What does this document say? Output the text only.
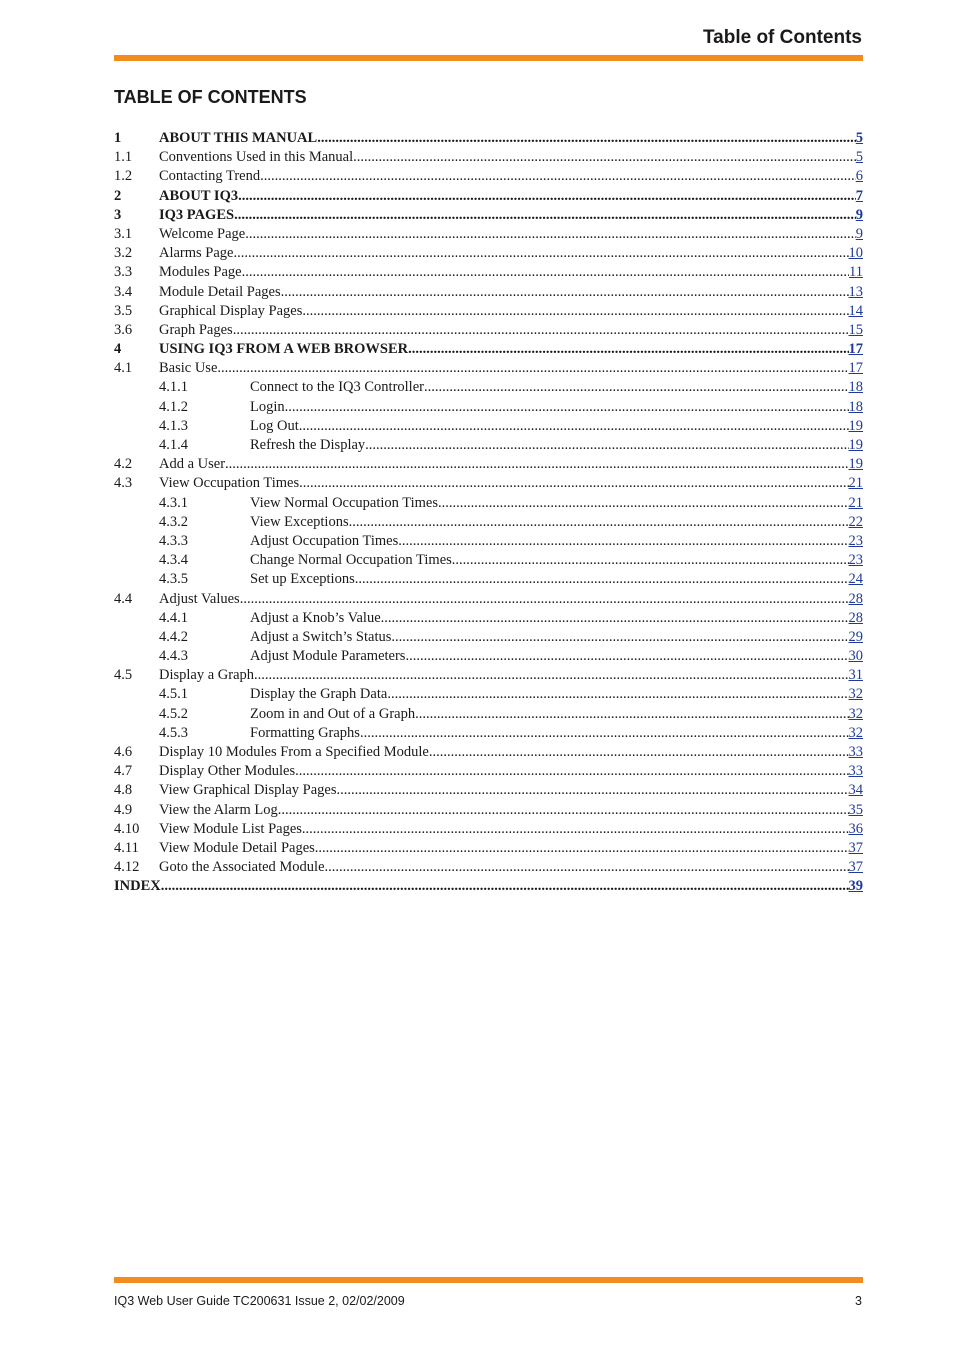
Table of Contents
TABLE OF CONTENTS
1	ABOUT THIS MANUAL .....	5
1.1	Conventions Used in this Manual .....	5
1.2	Contacting Trend .....	6
2	ABOUT IQ3 .....	7
3	IQ3 PAGES .....	9
3.1	Welcome Page .....	9
3.2	Alarms Page .....	10
3.3	Modules Page .....	11
3.4	Module Detail Pages .....	13
3.5	Graphical Display Pages .....	14
3.6	Graph Pages .....	15
4	USING IQ3 FROM A WEB BROWSER .....	17
4.1	Basic Use .....	17
4.1.1	Connect to the IQ3 Controller .....	18
4.1.2	Login .....	18
4.1.3	Log Out .....	19
4.1.4	Refresh the Display .....	19
4.2	Add a User .....	19
4.3	View Occupation Times .....	21
4.3.1	View Normal Occupation Times .....	21
4.3.2	View Exceptions .....	22
4.3.3	Adjust Occupation Times .....	23
4.3.4	Change Normal Occupation Times .....	23
4.3.5	Set up Exceptions .....	24
4.4	Adjust Values .....	28
4.4.1	Adjust a Knob’s Value .....	28
4.4.2	Adjust a Switch’s Status .....	29
4.4.3	Adjust Module Parameters .....	30
4.5	Display a Graph .....	31
4.5.1	Display the Graph Data .....	32
4.5.2	Zoom in and Out of a Graph .....	32
4.5.3	Formatting Graphs .....	32
4.6	Display 10 Modules From a Specified Module .....	33
4.7	Display Other Modules .....	33
4.8	View Graphical Display Pages .....	34
4.9	View the Alarm Log .....	35
4.10	View Module List Pages .....	36
4.11	View Module Detail Pages .....	37
4.12	Goto the Associated Module .....	37
INDEX .....	39
IQ3 Web User Guide TC200631 Issue 2, 02/02/2009	3
